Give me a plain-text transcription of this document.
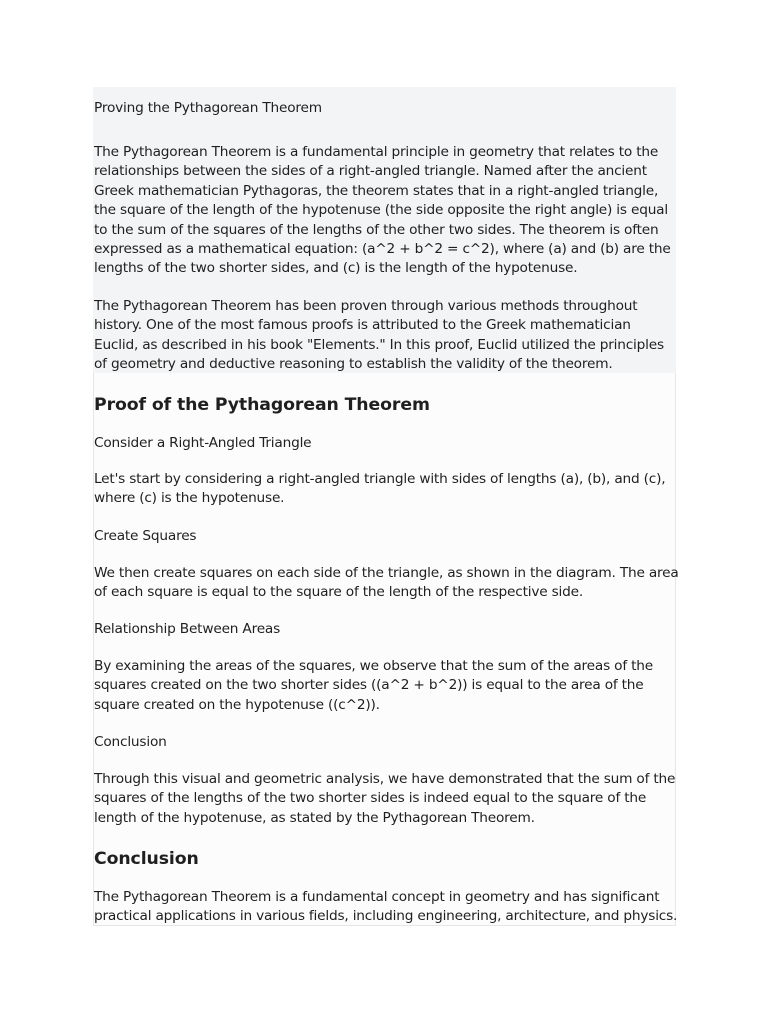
Proving the Pythagorean Theorem

The Pythagorean Theorem is a fundamental principle in geometry that relates to the
relationships between the sides of a right-angled triangle. Named after the ancient
Greek mathematician Pythagoras, the theorem states that in a right-angled triangle,
the square of the length of the hypotenuse (the side opposite the right angle) is equal
to the sum of the squares of the lengths of the other two sides. The theorem is often
expressed as a mathematical equation: (a^2 + b^2 = c^2), where (a) and (b) are the
lengths of the two shorter sides, and (c) is the length of the hypotenuse.

The Pythagorean Theorem has been proven through various methods throughout
history. One of the most famous proofs is attributed to the Greek mathematician
Euclid, as described in his book "Elements." In this proof, Euclid utilized the principles
of geometry and deductive reasoning to establish the validity of the theorem.

Proof of the Pythagorean Theorem

Consider a Right-Angled Triangle

Let's start by considering a right-angled triangle with sides of lengths (a), (b), and (c),
where (c) is the hypotenuse.

Create Squares

We then create squares on each side of the triangle, as shown in the diagram. The area
of each square is equal to the square of the length of the respective side.

Relationship Between Areas

By examining the areas of the squares, we observe that the sum of the areas of the
squares created on the two shorter sides ((a^2 + b^2)) is equal to the area of the
square created on the hypotenuse ((c^2)).

Conclusion

Through this visual and geometric analysis, we have demonstrated that the sum of the
squares of the lengths of the two shorter sides is indeed equal to the square of the
length of the hypotenuse, as stated by the Pythagorean Theorem.

Conclusion

The Pythagorean Theorem is a fundamental concept in geometry and has significant
practical applications in various fields, including engineering, architecture, and physics.
